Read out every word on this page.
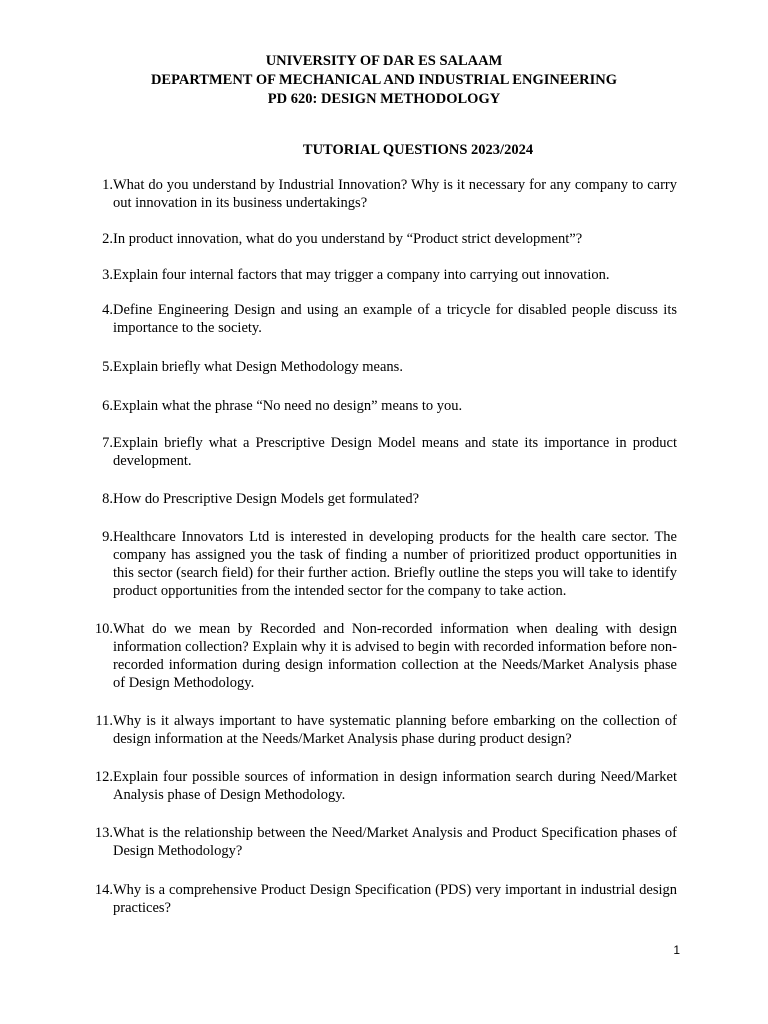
UNIVERSITY OF DAR ES SALAAM
DEPARTMENT OF MECHANICAL AND INDUSTRIAL ENGINEERING
PD 620: DESIGN METHODOLOGY
TUTORIAL QUESTIONS 2023/2024
1. What do you understand by Industrial Innovation? Why is it necessary for any company to carry out innovation in its business undertakings?
2. In product innovation, what do you understand by “Product strict development”?
3. Explain four internal factors that may trigger a company into carrying out innovation.
4. Define Engineering Design and using an example of a tricycle for disabled people discuss its importance to the society.
5. Explain briefly what Design Methodology means.
6. Explain what the phrase “No need no design” means to you.
7. Explain briefly what a Prescriptive Design Model means and state its importance in product development.
8. How do Prescriptive Design Models get formulated?
9. Healthcare Innovators Ltd is interested in developing products for the health care sector. The company has assigned you the task of finding a number of prioritized product opportunities in this sector (search field) for their further action. Briefly outline the steps you will take to identify product opportunities from the intended sector for the company to take action.
10. What do we mean by Recorded and Non-recorded information when dealing with design information collection? Explain why it is advised to begin with recorded information before non-recorded information during design information collection at the Needs/Market Analysis phase of Design Methodology.
11. Why is it always important to have systematic planning before embarking on the collection of design information at the Needs/Market Analysis phase during product design?
12. Explain four possible sources of information in design information search during Need/Market Analysis phase of Design Methodology.
13. What is the relationship between the Need/Market Analysis and Product Specification phases of Design Methodology?
14. Why is a comprehensive Product Design Specification (PDS) very important in industrial design practices?
1
